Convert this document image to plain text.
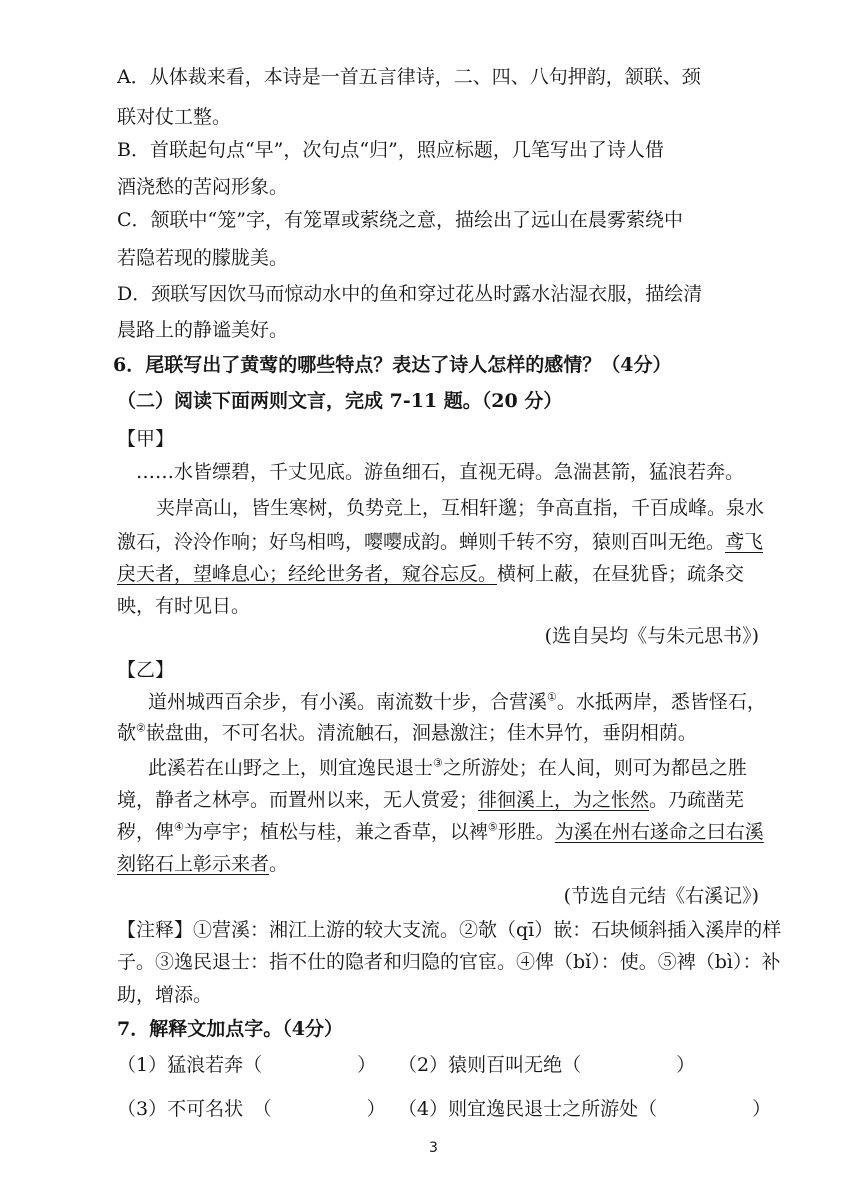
A．从体裁来看，本诗是一首五言律诗，二、四、八句押韵，颔联、颈
联对仗工整。
B．首联起句点“早”，次句点“归”，照应标题，几笔写出了诗人借
酒浇愁的苦闷形象。
C．颔联中“笼”字，有笼罩或萦绕之意，描绘出了远山在晨雾萦绕中
若隐若现的朦胧美。
D．颈联写因饮马而惊动水中的鱼和穿过花丛时露水沾湿衣服，描绘清
晨路上的静谧美好。
6．尾联写出了黄莺的哪些特点？表达了诗人怎样的感情？（4分）
（二）阅读下面两则文言，完成 7-11 题。（20 分）
【甲】
……水皆缥碧，千丈见底。游鱼细石，直视无碍。急湍甚箭，猛浪若奔。
夹岸高山，皆生寒树，负势竞上，互相轩邈；争高直指，千百成峰。泉水
激石，泠泠作响；好鸟相鸣，嘤嘤成韵。蝉则千转不穷，猿则百叫无绝。鸢飞
戾天者，望峰息心；经纶世务者，窥谷忘反。横柯上蔽，在昼犹昏；疏条交
映，有时见日。
(选自吴均《与朱元思书》)
【乙】
道州城西百余步，有小溪。南流数十步，合营溪①。水抵两岸，悉皆怪石，
欹②嵌盘曲，不可名状。清流触石，洄悬激注；佳木异竹，垂阴相荫。
此溪若在山野之上，则宜逸民退士③之所游处；在人间，则可为都邑之胜
境，静者之林亭。而置州以来，无人赏爱；徘徊溪上，为之怅然。乃疏凿芜
秽，俾④为亭宇；植松与桂，兼之香草，以裨⑤形胜。为溪在州右遂命之曰右溪
刻铭石上彰示来者。
(节选自元结《右溪记》)
【注释】①营溪：湘江上游的较大支流。②欹（qī）嵌：石块倾斜插入溪岸的样
子。③逸民退士：指不仕的隐者和归隐的官宦。④俾（bǐ）：使。⑤裨（bì）：补
助，增添。
7．解释文加点字。（4分）
（1）猛浪若奔（　　　　　） （2）猿则百叫无绝（　　　　　）
（3）不可名状　（　　　　　） （4）则宜逸民退士之所游处（　　　　　）
3
